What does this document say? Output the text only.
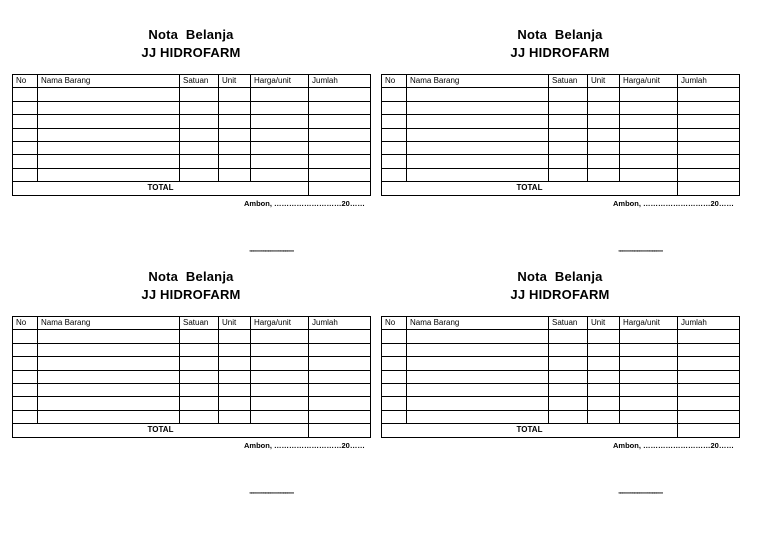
Nota Belanja
JJ HIDROFARM
No	Nama Barang	Satuan	Unit	Harga/unit	Jumlah

TOTAL					
Ambon, ………………………20……
,,,,,,,,,,,,,,,,,,,,,,,,,,,,,,,,,,,,,,,,,,,,,,,
Nota Belanja
JJ HIDROFARM
No	Nama Barang	Satuan	Unit	Harga/unit	Jumlah

TOTAL					
Ambon, ………………………20……
,,,,,,,,,,,,,,,,,,,,,,,,,,,,,,,,,,,,,,,,,,,,,,,
Nota Belanja
JJ HIDROFARM
No	Nama Barang	Satuan	Unit	Harga/unit	Jumlah

TOTAL					
Ambon, ………………………20……
,,,,,,,,,,,,,,,,,,,,,,,,,,,,,,,,,,,,,,,,,,,,,,,
Nota Belanja
JJ HIDROFARM
No	Nama Barang	Satuan	Unit	Harga/unit	Jumlah

TOTAL					
Ambon, ………………………20……
,,,,,,,,,,,,,,,,,,,,,,,,,,,,,,,,,,,,,,,,,,,,,,,
